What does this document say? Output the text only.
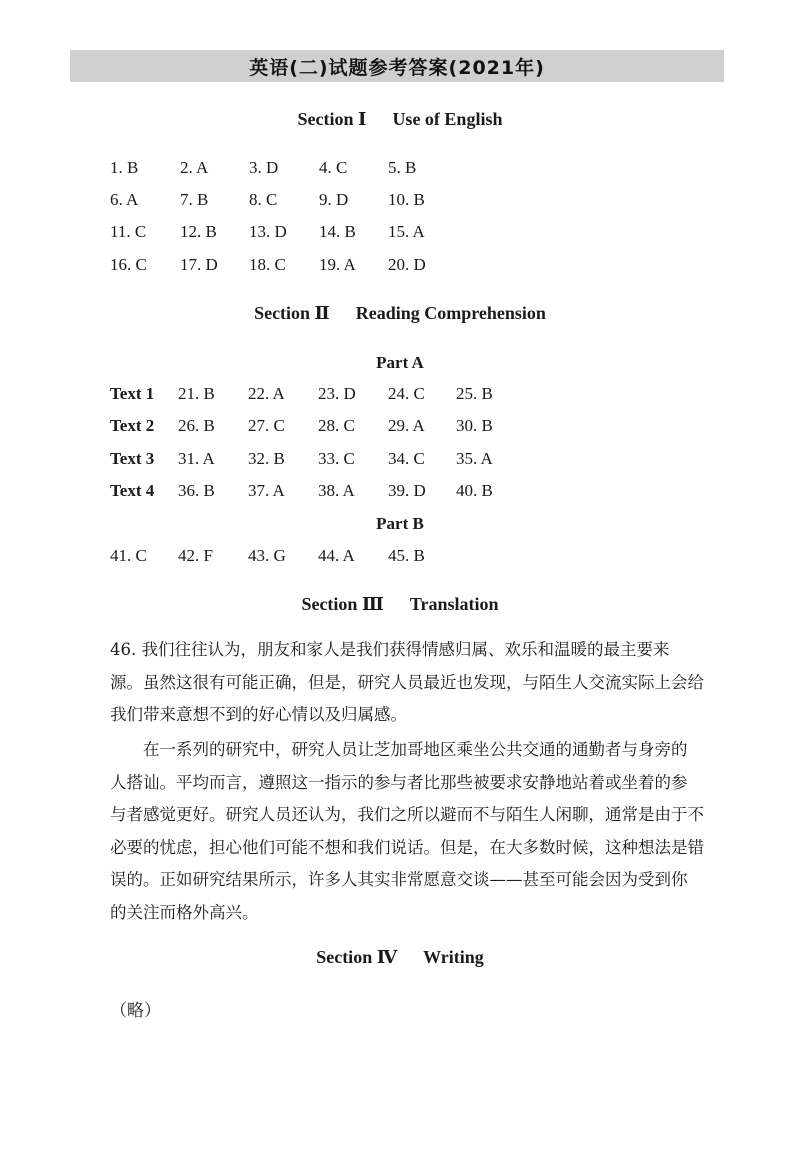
英语(二)试题参考答案(2021年)
Section Ⅰ Use of English
1. B 2. A 3. D 4. C 5. B
6. A 7. B 8. C 9. D 10. B
11. C 12. B 13. D 14. B 15. A
16. C 17. D 18. C 19. A 20. D
Section Ⅱ Reading Comprehension
Part A
Text 1 21. B 22. A 23. D 24. C 25. B
Text 2 26. B 27. C 28. C 29. A 30. B
Text 3 31. A 32. B 33. C 34. C 35. A
Text 4 36. B 37. A 38. A 39. D 40. B
Part B
41. C 42. F 43. G 44. A 45. B
Section Ⅲ Translation
46. 我们往往认为，朋友和家人是我们获得情感归属、欢乐和温暖的最主要来
源。虽然这很有可能正确，但是，研究人员最近也发现，与陌生人交流实际上会给
我们带来意想不到的好心情以及归属感。
在一系列的研究中，研究人员让芝加哥地区乘坐公共交通的通勤者与身旁的
人搭讪。平均而言，遵照这一指示的参与者比那些被要求安静地站着或坐着的参
与者感觉更好。研究人员还认为，我们之所以避而不与陌生人闲聊，通常是由于不
必要的忧虑，担心他们可能不想和我们说话。但是，在大多数时候，这种想法是错
误的。正如研究结果所示，许多人其实非常愿意交谈——甚至可能会因为受到你
的关注而格外高兴。
Section Ⅳ Writing
（略）
